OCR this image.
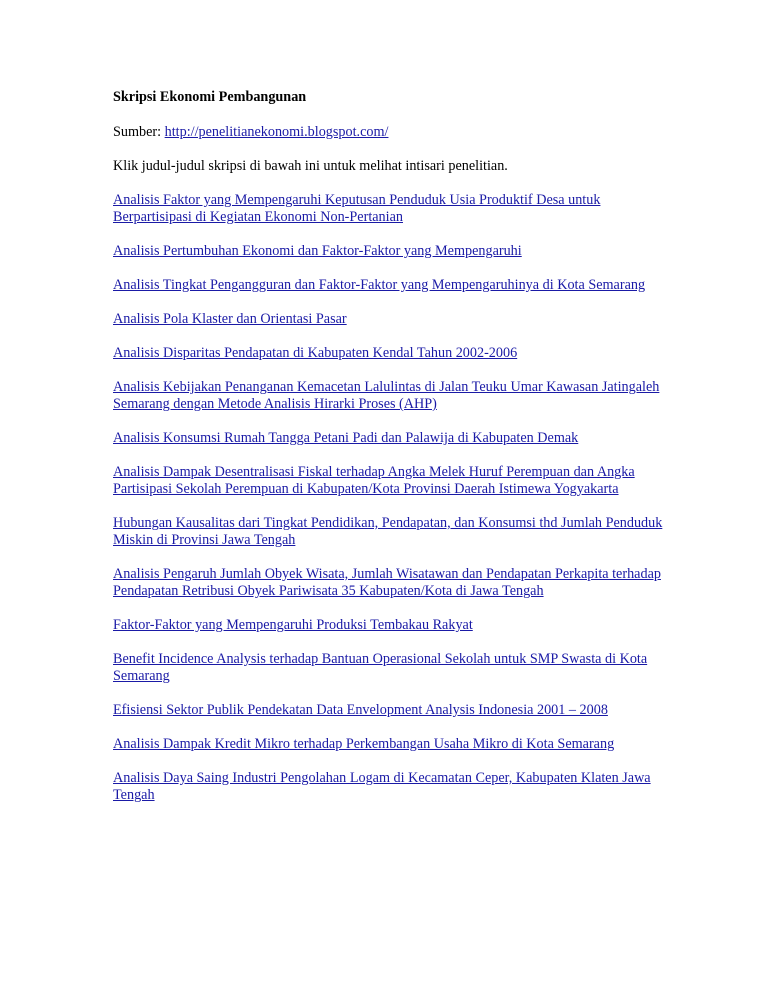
Skripsi Ekonomi Pembangunan
Sumber: http://penelitianekonomi.blogspot.com/
Klik judul-judul skripsi di bawah ini untuk melihat intisari penelitian.
Analisis Faktor yang Mempengaruhi Keputusan Penduduk Usia Produktif Desa untuk Berpartisipasi di Kegiatan Ekonomi Non-Pertanian
Analisis Pertumbuhan Ekonomi dan Faktor-Faktor yang Mempengaruhi
Analisis Tingkat Pengangguran dan Faktor-Faktor yang Mempengaruhinya di Kota Semarang
Analisis Pola Klaster dan Orientasi Pasar
Analisis Disparitas Pendapatan di Kabupaten Kendal Tahun 2002-2006
Analisis Kebijakan Penanganan Kemacetan Lalulintas di Jalan Teuku Umar Kawasan Jatingaleh Semarang dengan Metode Analisis Hirarki Proses (AHP)
Analisis Konsumsi Rumah Tangga Petani Padi dan Palawija di Kabupaten Demak
Analisis Dampak Desentralisasi Fiskal terhadap Angka Melek Huruf Perempuan dan Angka Partisipasi Sekolah Perempuan di Kabupaten/Kota Provinsi Daerah Istimewa Yogyakarta
Hubungan Kausalitas dari Tingkat Pendidikan, Pendapatan, dan Konsumsi thd Jumlah Penduduk Miskin di Provinsi Jawa Tengah
Analisis Pengaruh Jumlah Obyek Wisata, Jumlah Wisatawan dan Pendapatan Perkapita terhadap Pendapatan Retribusi Obyek Pariwisata 35 Kabupaten/Kota di Jawa Tengah
Faktor-Faktor yang Mempengaruhi Produksi Tembakau Rakyat
Benefit Incidence Analysis terhadap Bantuan Operasional Sekolah untuk SMP Swasta di Kota Semarang
Efisiensi Sektor Publik Pendekatan Data Envelopment Analysis Indonesia 2001 – 2008
Analisis Dampak Kredit Mikro terhadap Perkembangan Usaha Mikro di Kota Semarang
Analisis Daya Saing Industri Pengolahan Logam di Kecamatan Ceper, Kabupaten Klaten Jawa Tengah
